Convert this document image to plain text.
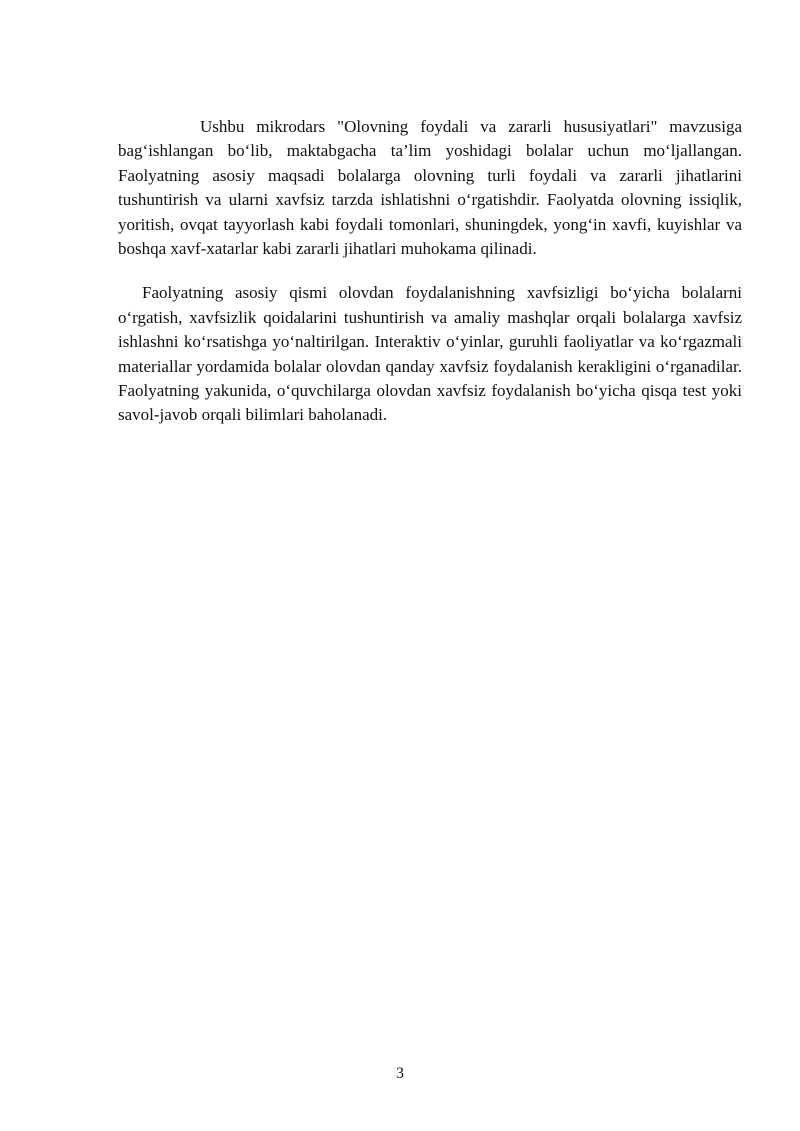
Ushbu mikrodars "Olovning foydali va zararli hususiyatlari" mavzusiga bag‘ishlangan bo‘lib, maktabgacha ta’lim yoshidagi bolalar uchun mo‘ljallangan. Faolyatning asosiy maqsadi bolalarga olovning turli foydali va zararli jihatlarini tushuntirish va ularni xavfsiz tarzda ishlatishni o‘rgatishdir. Faolyatda olovning issiqlik, yoritish, ovqat tayyorlash kabi foydali tomonlari, shuningdek, yong‘in xavfi, kuyishlar va boshqa xavf-xatarlar kabi zararli jihatlari muhokama qilinadi.

Faolyatning asosiy qismi olovdan foydalanishning xavfsizligi bo‘yicha bolalarni o‘rgatish, xavfsizlik qoidalarini tushuntirish va amaliy mashqlar orqali bolalarga xavfsiz ishlashni ko‘rsatishga yo‘naltirilgan. Interaktiv o‘yinlar, guruhli faoliyatlar va ko‘rgazmali materiallar yordamida bolalar olovdan qanday xavfsiz foydalanish kerakligini o‘rganadilar. Faolyatning yakunida, o‘quvchilarga olovdan xavfsiz foydalanish bo‘yicha qisqa test yoki savol-javob orqali bilimlari baholanadi.

3
